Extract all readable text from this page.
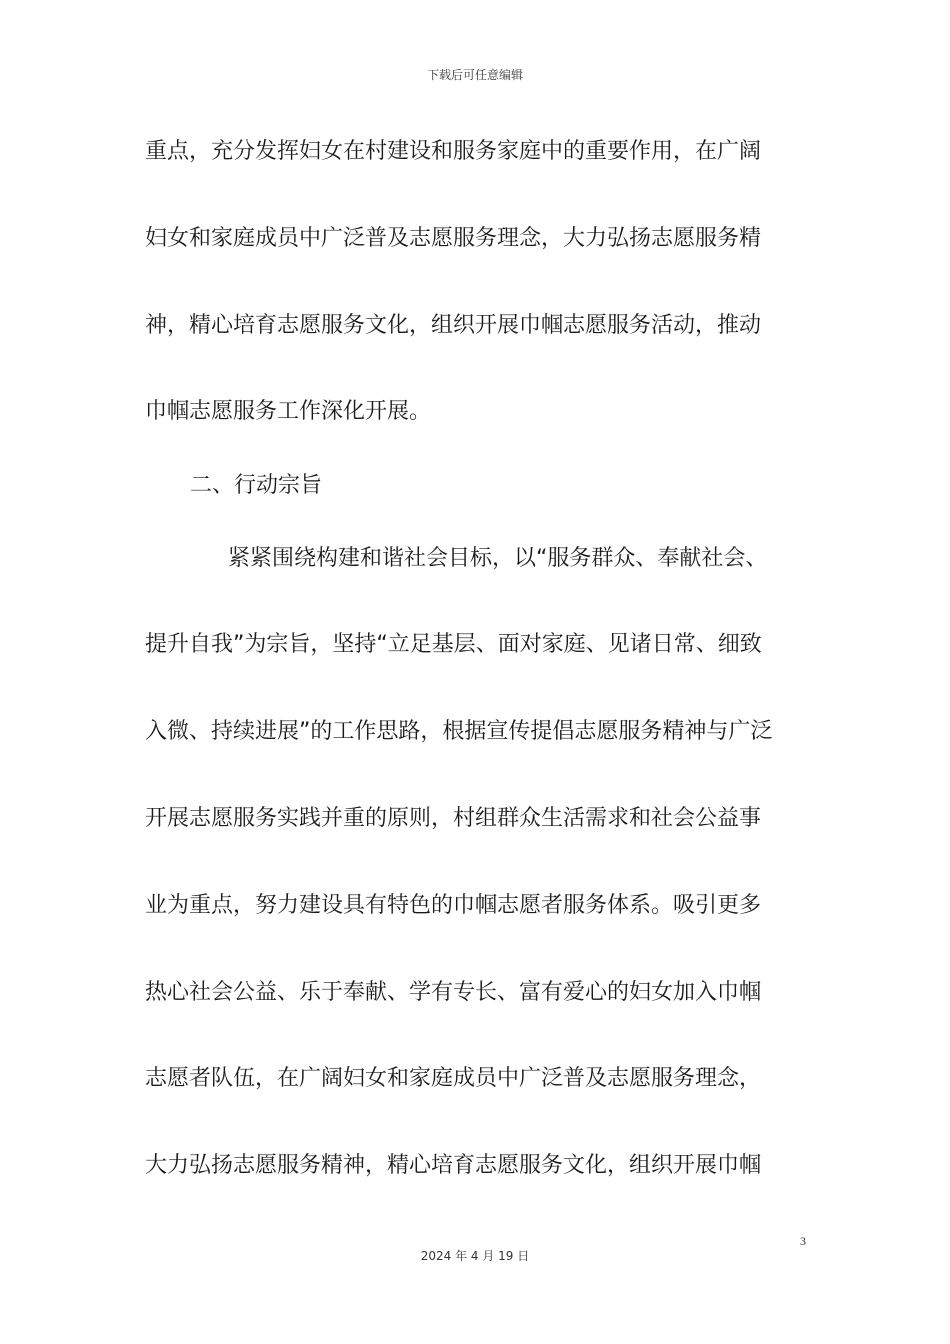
下载后可任意编辑
重点，充分发挥妇女在村建设和服务家庭中的重要作用，在广阔
妇女和家庭成员中广泛普及志愿服务理念，大力弘扬志愿服务精
神，精心培育志愿服务文化，组织开展巾帼志愿服务活动，推动
巾帼志愿服务工作深化开展。
二、行动宗旨
紧紧围绕构建和谐社会目标，以“服务群众、奉献社会、
提升自我”为宗旨，坚持“立足基层、面对家庭、见诸日常、细致
入微、持续进展”的工作思路，根据宣传提倡志愿服务精神与广泛
开展志愿服务实践并重的原则，村组群众生活需求和社会公益事
业为重点，努力建设具有特色的巾帼志愿者服务体系。吸引更多
热心社会公益、乐于奉献、学有专长、富有爱心的妇女加入巾帼
志愿者队伍，在广阔妇女和家庭成员中广泛普及志愿服务理念，
大力弘扬志愿服务精神，精心培育志愿服务文化，组织开展巾帼
3
2024 年 4 月 19 日
